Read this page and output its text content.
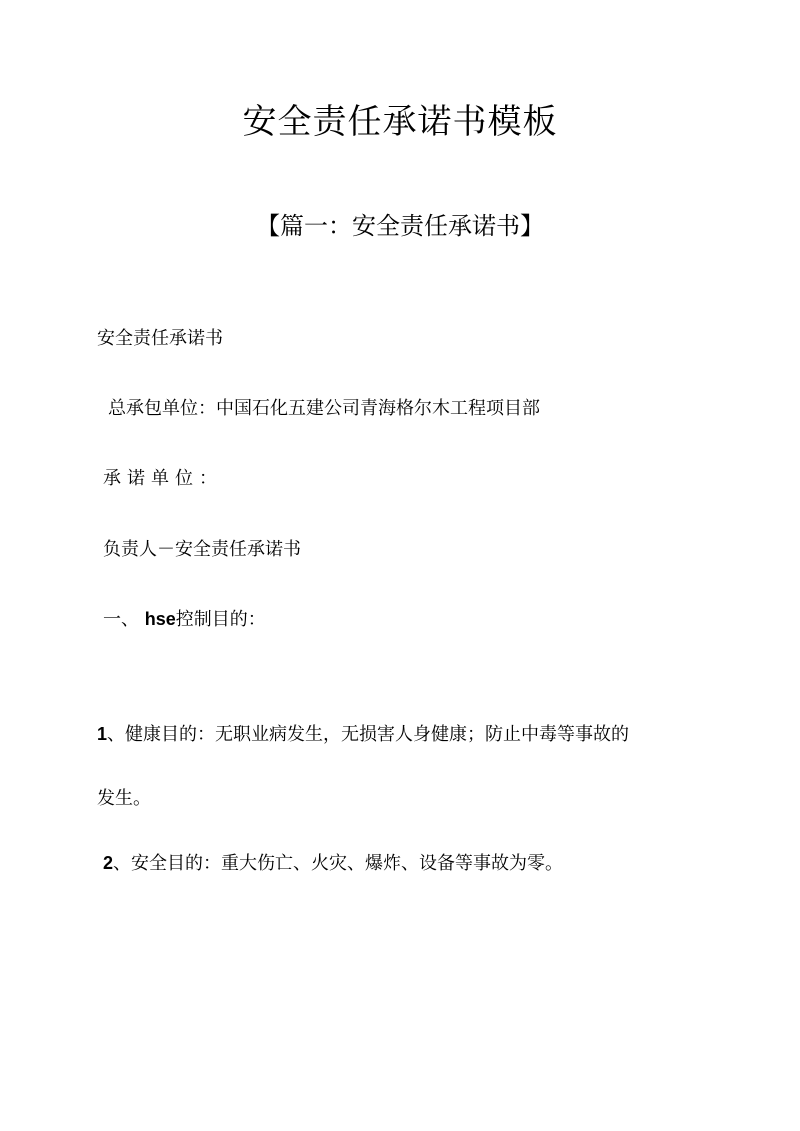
安全责任承诺书模板
【篇一：安全责任承诺书】
安全责任承诺书
总承包单位：中国石化五建公司青海格尔木工程项目部
承诺单位：
负责人－安全责任承诺书
一、 hse控制目的：
1、健康目的：无职业病发生，无损害人身健康；防止中毒等事故的
发生。
2、安全目的：重大伤亡、火灾、爆炸、设备等事故为零。
